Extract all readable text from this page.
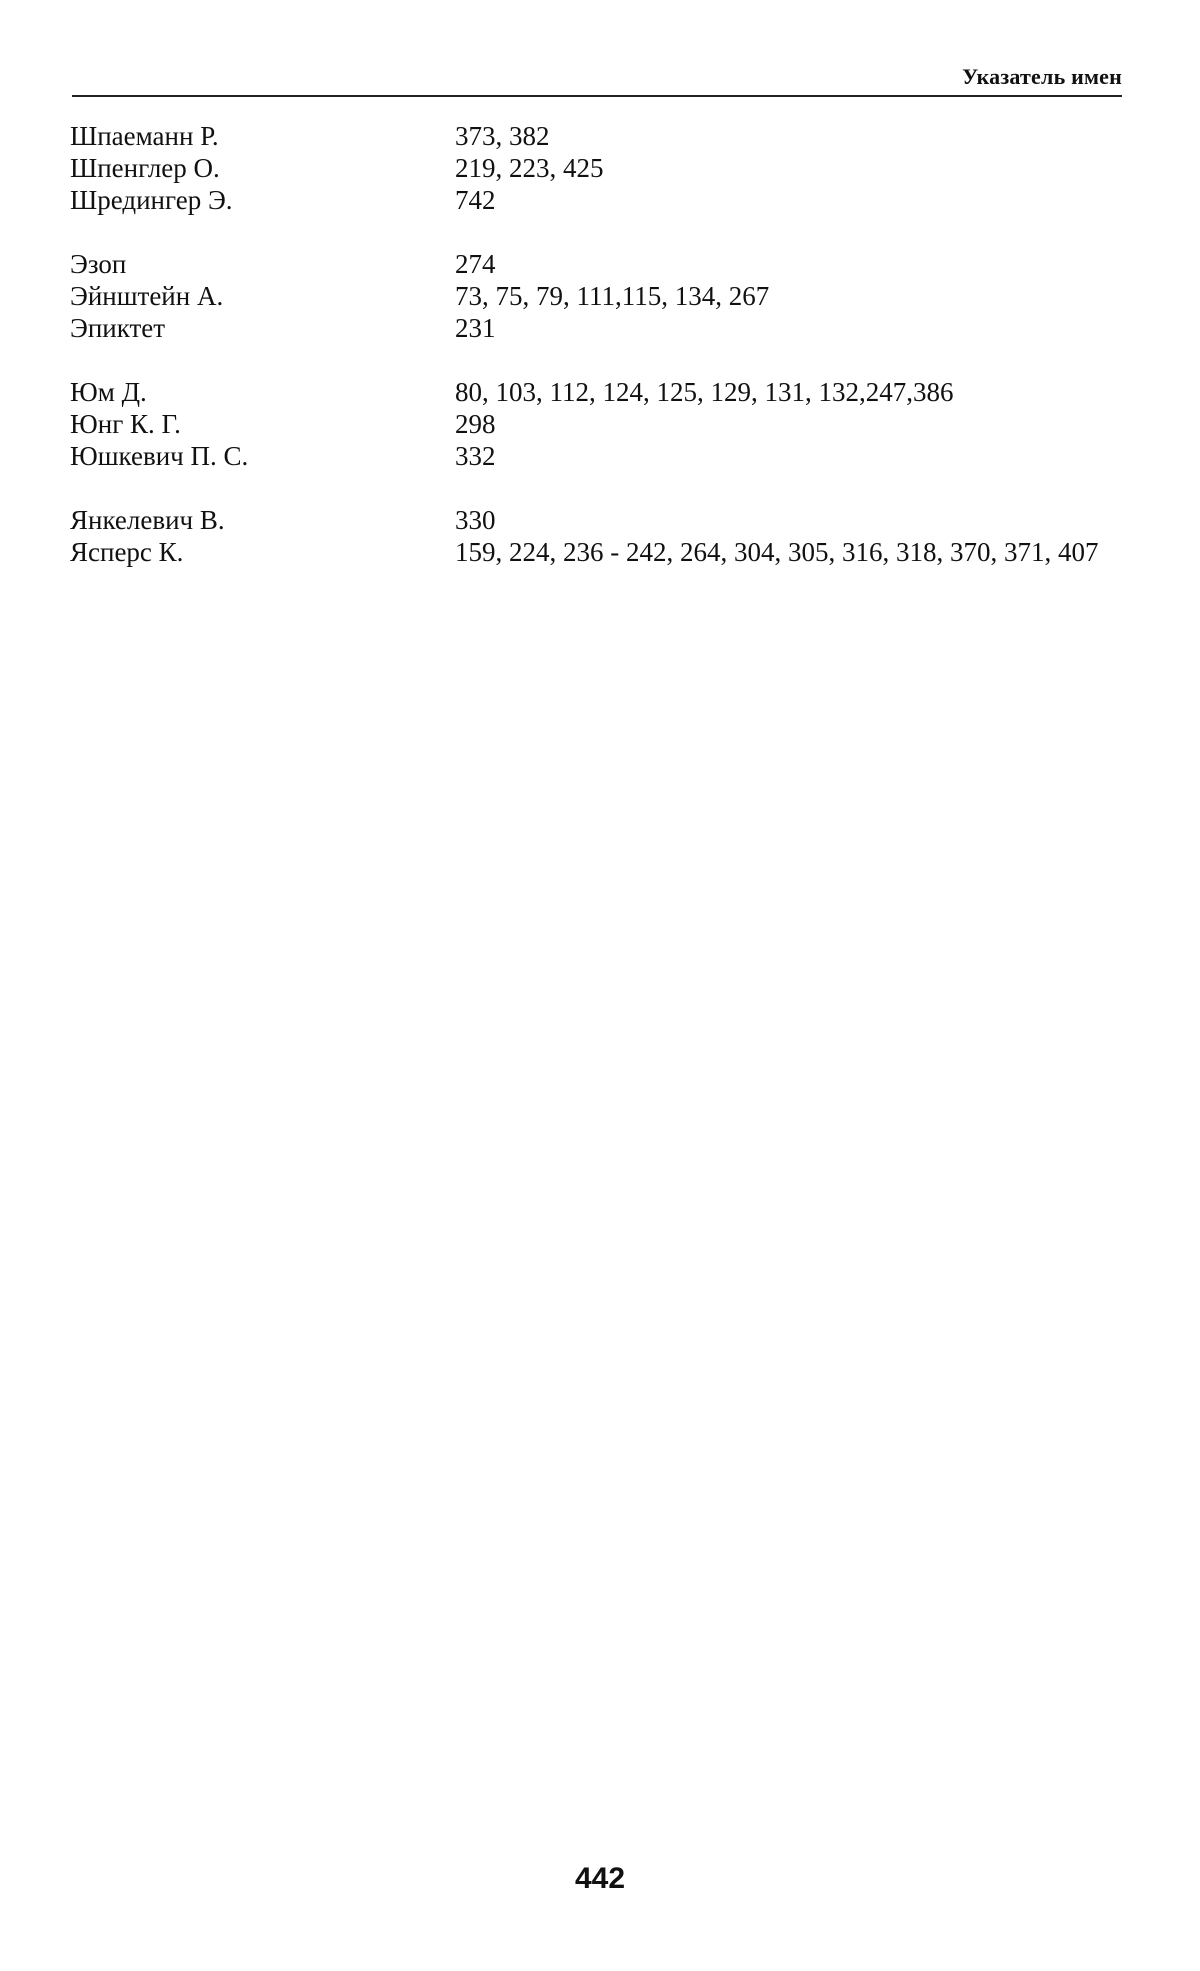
Указатель имен
Шпаеманн Р.	373, 382
Шпенглер О.	219, 223, 425
Шредингер Э.	742
Эзоп	274
Эйнштейн А.	73, 75, 79, 111,115, 134, 267
Эпиктет	231
Юм Д.	80, 103, 112, 124, 125, 129, 131, 132,247,386
Юнг К. Г.	298
Юшкевич П. С.	332
Янкелевич В.	330
Ясперс К.	159, 224, 236 - 242, 264, 304, 305, 316, 318, 370, 371, 407
442
